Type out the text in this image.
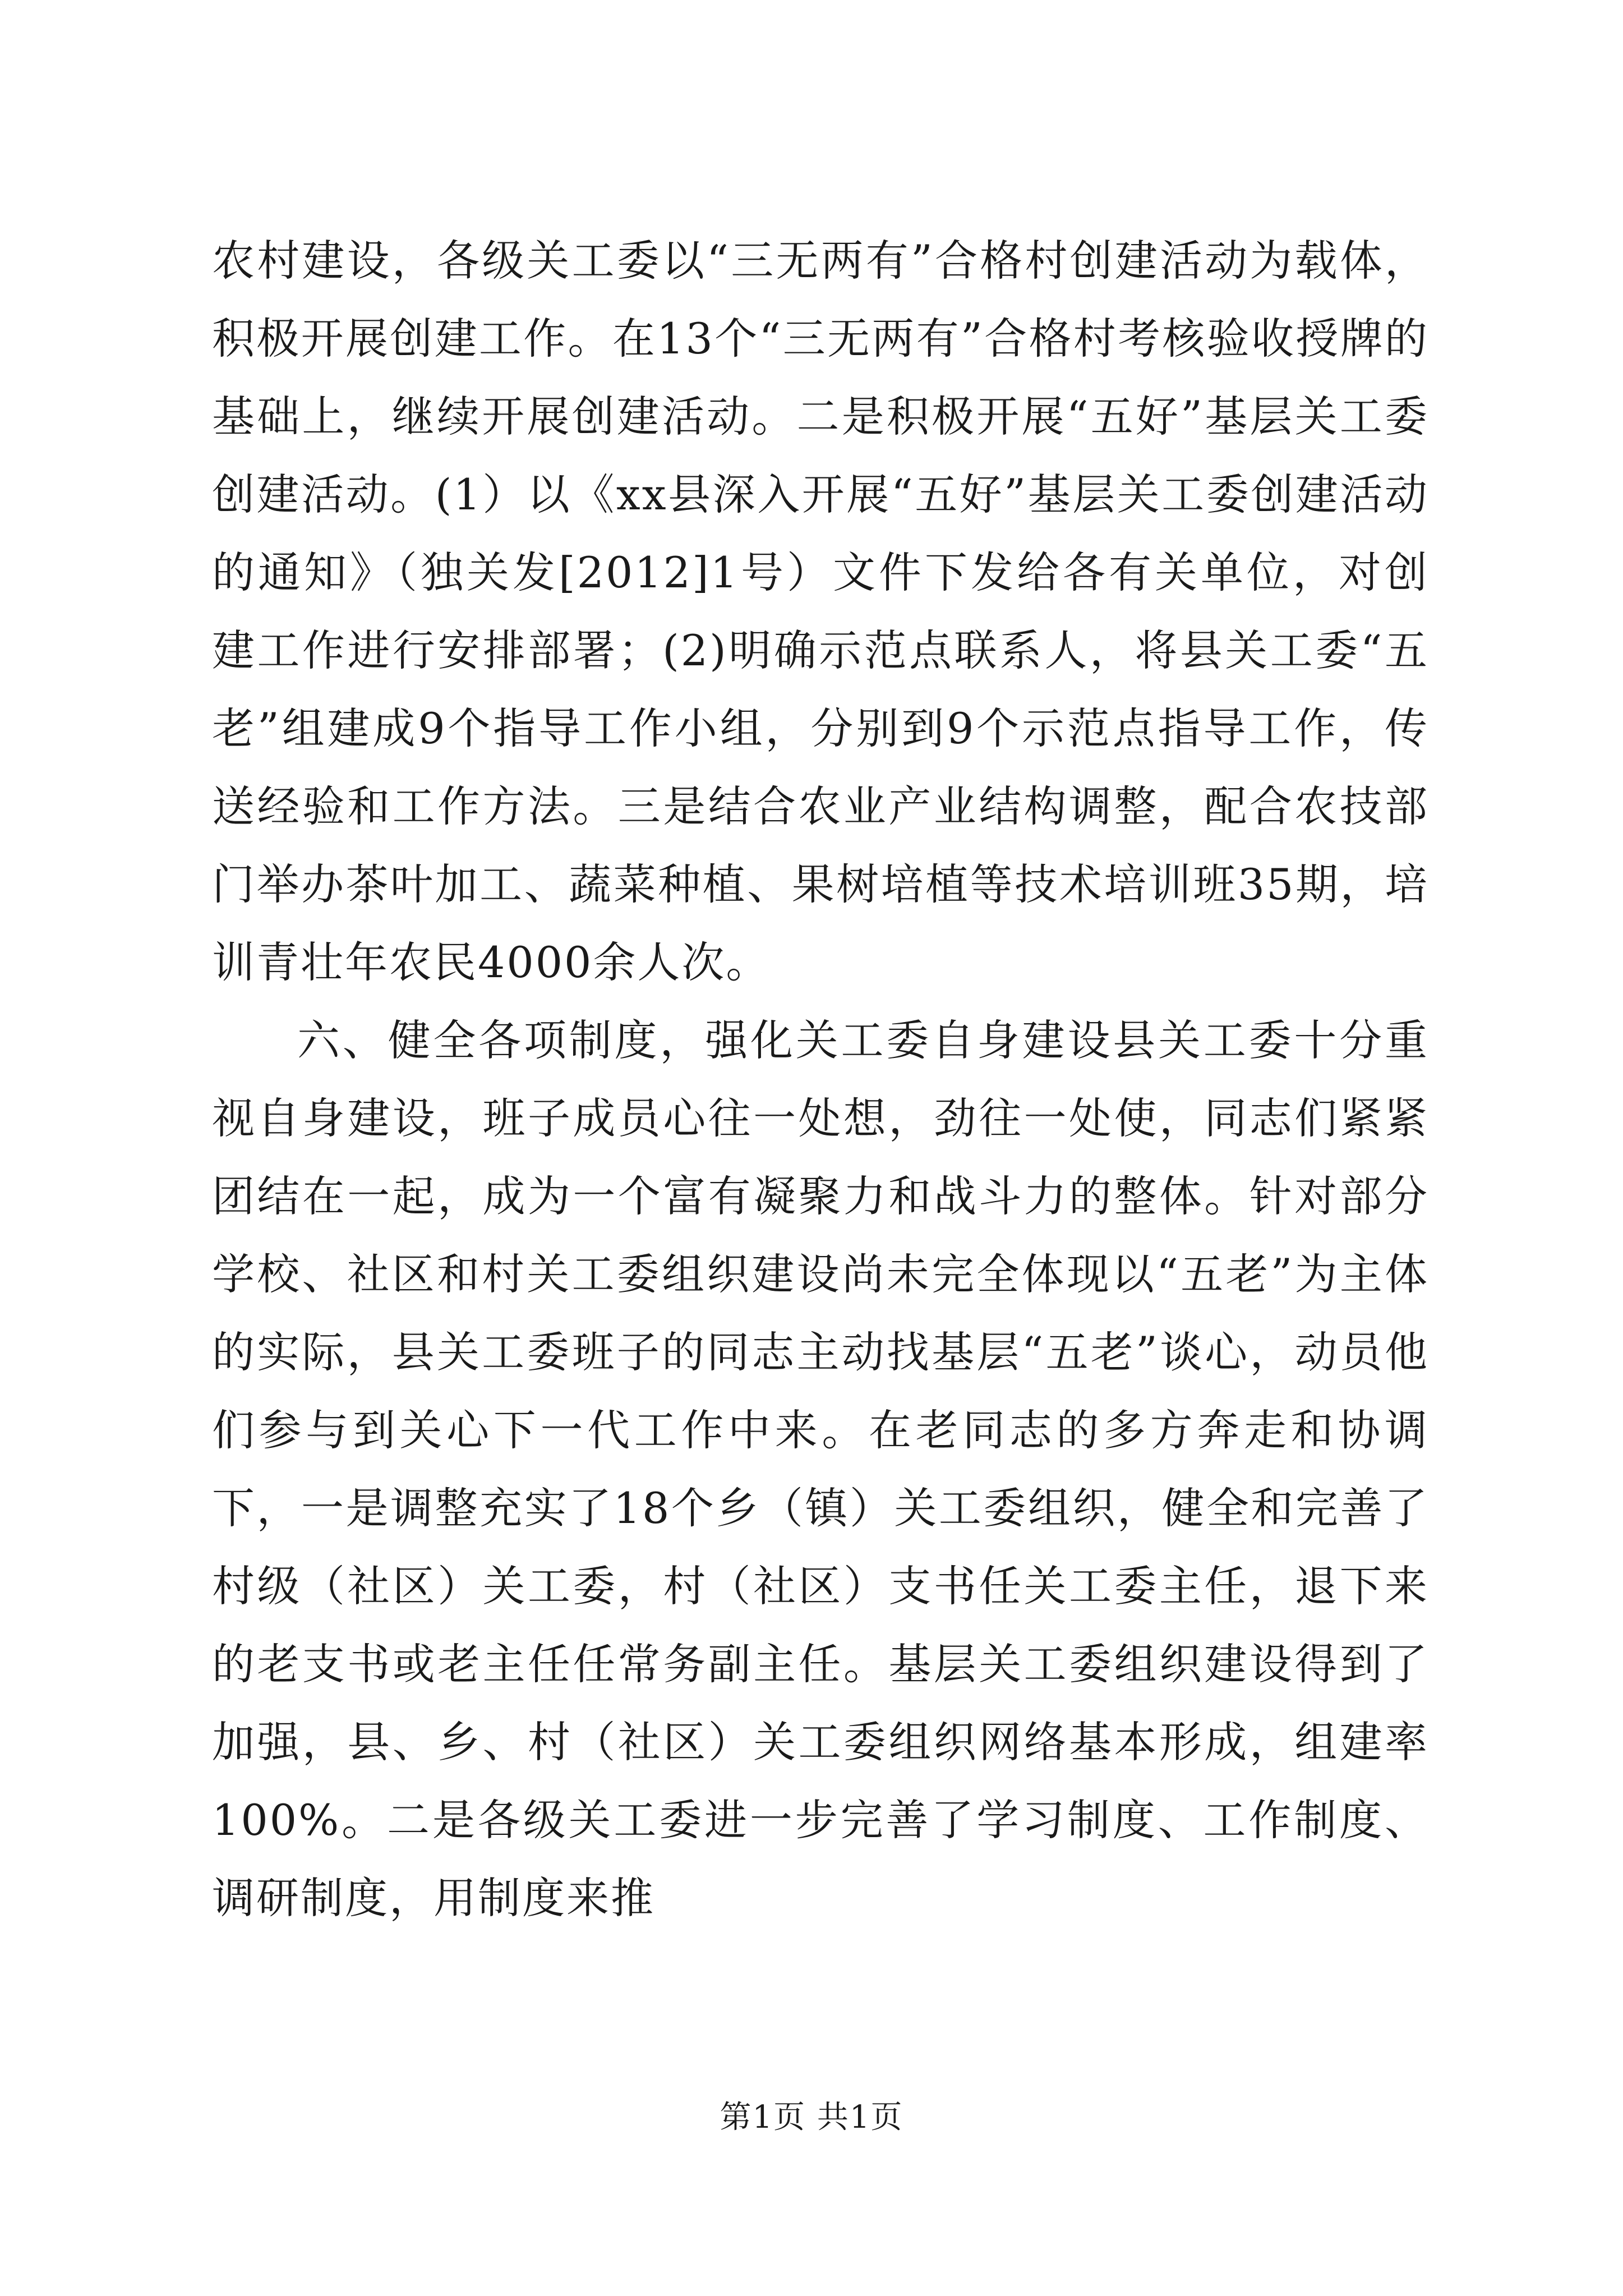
农村建设，各级关工委以“三无两有”合格村创建活动为载体，积极开展创建工作。在13个“三无两有”合格村考核验收授牌的基础上，继续开展创建活动。二是积极开展“五好”基层关工委创建活动。(1）以《xx县深入开展“五好”基层关工委创建活动的通知》（独关发[2012]1号）文件下发给各有关单位，对创建工作进行安排部署；(2)明确示范点联系人，将县关工委“五老”组建成9个指导工作小组，分别到9个示范点指导工作，传送经验和工作方法。三是结合农业产业结构调整，配合农技部门举办茶叶加工、蔬菜种植、果树培植等技术培训班35期，培训青壮年农民4000余人次。

六、健全各项制度，强化关工委自身建设县关工委十分重视自身建设，班子成员心往一处想，劲往一处使，同志们紧紧团结在一起，成为一个富有凝聚力和战斗力的整体。针对部分学校、社区和村关工委组织建设尚未完全体现以“五老”为主体的实际，县关工委班子的同志主动找基层“五老”谈心，动员他们参与到关心下一代工作中来。在老同志的多方奔走和协调下，一是调整充实了18个乡（镇）关工委组织，健全和完善了村级（社区）关工委，村（社区）支书任关工委主任，退下来的老支书或老主任任常务副主任。基层关工委组织建设得到了加强，县、乡、村（社区）关工委组织网络基本形成，组建率100%。二是各级关工委进一步完善了学习制度、工作制度、调研制度，用制度来推

第1页 共1页
